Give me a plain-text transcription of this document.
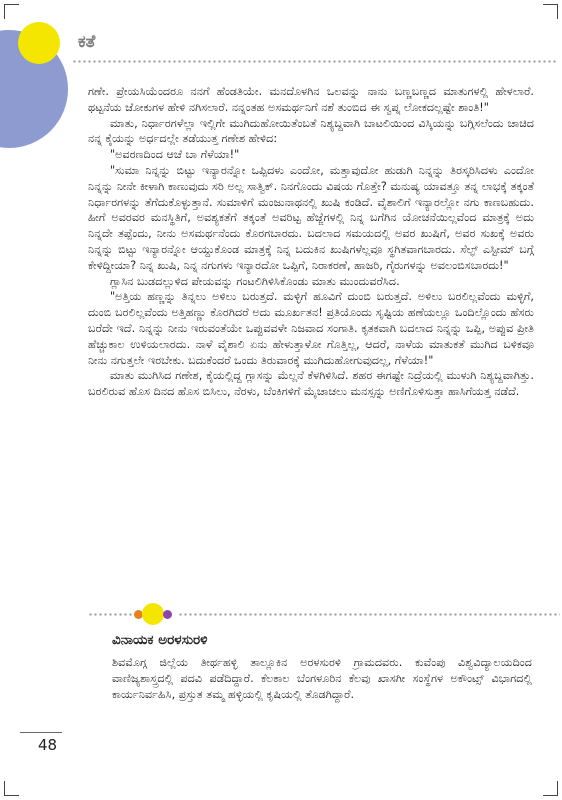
ಕತೆ

ಗಣೇ. ಪ್ರೇಯಸಿಯೆಂದರೂ ನನಗೆ ಹೆಂಡತಿಯೇ. ಮನದೊಳಗಿನ ಒಲವನ್ನು ನಾನು ಬಣ್ಣಬಣ್ಣದ ಮಾತುಗಳಲ್ಲಿ ಹೇಳಲಾರೆ. ಥಟ್ಟನೆಯ ಜೋಕುಗಳ ಹೇಳಿ ನಗಿಸಲಾರೆ. ನನ್ನಂತಹ ಅಸಮರ್ಥನಿಗೆ ನಶೆ ತುಂಬಿದ ಈ ಸ್ವಪ್ನ ಲೋಕದಲ್ಲಷ್ಟೇ ಶಾಂತಿ!"

ಮಾತು, ನಿರ್ಧಾರಗಳೆಲ್ಲಾ ಇಲ್ಲಿಗೇ ಮುಗಿದುಹೋಯಿತೆಂಬತೆ ನಿಶ್ಯಬ್ದವಾಗಿ ಬಾಟಲಿಯಿಂದ ವಿಸ್ಕಿಯನ್ನು ಬಗ್ಗಿಸಲೆಂದು ಚಾಚಿದ ನನ್ನ ಕೈಯನ್ನು ಅರ್ಧದಲ್ಲೇ ತಡೆಯುತ್ತ ಗಣೇಶ ಹೇಳಿದ:

"ಅವರಣದಿಂದ ಆಚೆ ಬಾ ಗೆಳೆಯಾ!"

"ಸುಮಾ ನಿನ್ನನ್ನು ಬಿಟ್ಟು ಇನ್ಯಾರನ್ನೋ ಒಪ್ಪಿದಳು ಎಂದೋ, ಮತ್ತಾವುದೋ ಹುಡುಗಿ ನಿನ್ನನ್ನು ತಿರಸ್ಕರಿಸಿದಳು ಎಂದೋ ನಿನ್ನನ್ನು ನೀನೇ ಕೀಳಾಗಿ ಕಾಣುವುದು ಸರಿ ಅಲ್ಲ ಸಾತ್ವಿಕ್. ನಿನಗೊಂದು ವಿಷಯ ಗೊತ್ತೇ? ಮನುಷ್ಯ ಯಾವತ್ತೂ ತನ್ನ ಲಾಭಕ್ಕೆ ತಕ್ಕಂತೆ ನಿರ್ಧಾರಗಳನ್ನು ತೆಗೆದುಕೊಳ್ಳುತ್ತಾನೆ. ಸುಮಾಳಿಗೆ ಮಂಜುನಾಥನಲ್ಲಿ ಖುಷಿ ಕಂಡಿದೆ. ವೈಶಾಲಿಗೆ ಇನ್ಯಾರಲ್ಲೋ ನಗು ಕಾಣಬಹುದು. ಹೀಗೆ ಅವರವರ ಮನಸ್ಥಿತಿಗೆ, ಅವಶ್ಯಕತೆಗೆ ತಕ್ಕಂತೆ ಅವರಿಟ್ಟ ಹೆಜ್ಜೆಗಳಲ್ಲಿ ನಿನ್ನ ಬಗೆಗಿನ ಯೋಚನೆಯಿಲ್ಲವೆಂದ ಮಾತ್ರಕ್ಕೆ ಅದು ನಿನ್ನದೇ ತಪ್ಪೆಂದು, ನೀನು ಅಸಮರ್ಥನೆಂದು ಕೊರಗಬಾರದು. ಬದಲಾದ ಸಮಯದಲ್ಲಿ ಅವರ ಖುಷಿಗೆ, ಅವರ ಸುಖಕ್ಕೆ ಅವರು ನಿನ್ನನ್ನು ಬಿಟ್ಟು ಇನ್ಯಾರನ್ನೋ ಆಯ್ದುಕೊಂಡ ಮಾತ್ರಕ್ಕೆ ನಿನ್ನ ಬದುಕಿನ ಖುಷಿಗಳೆಲ್ಲವೂ ಸ್ಥಗಿತವಾಗಬಾರದು. ಸೆಲ್ಫ್ ಎಸ್ಟೀಮ್ ಬಗ್ಗೆ ಕೇಳಿದ್ದೀಯಾ? ನಿನ್ನ ಖುಷಿ, ನಿನ್ನ ನಗುಗಳು ಇನ್ಯಾರದೋ ಒಪ್ಪಿಗೆ, ನಿರಾಕರಣೆ, ಹಾಜರಿ, ಗೈರುಗಳನ್ನು ಅವಲಂಬಿಸಬಾರದು!"

ಗ್ಲಾಸಿನ ಬುಡದಲ್ಲುಳಿದ ಪೇಯವನ್ನು ಗಂಟಲಿಗಿಳಿಸಿಕೊಂಡು ಮಾತು ಮುಂದುವರೆಸಿದ.

"ಅತ್ತಿಯ ಹಣ್ಣನ್ನು ತಿನ್ನಲು ಅಳಿಲು ಬರುತ್ತದೆ. ಮಳ್ಳಿಗೆ ಹೂವಿಗೆ ದುಂಬಿ ಬರುತ್ತದೆ. ಅಳಿಲು ಬರಲಿಲ್ಲವೆಂದು ಮಳ್ಳಿಗೆ, ದುಂಬಿ ಬರಲಿಲ್ಲವೆಂದು ಅತ್ತಿಹಣ್ಣು ಕೊರಗಿದರೆ ಅದು ಮೂರ್ಖತನ! ಪ್ರತಿಯೊಂದು ಸೃಷ್ಟಿಯ ಹಣೆಯಲ್ಲೂ ಒಂದಿಲ್ಲೊಂದು ಹೆಸರು ಬರೆದೇ ಇದೆ. ನಿನ್ನನ್ನು ನೀನು ಇರುವಂತೆಯೇ ಒಪ್ಪುವವಳೇ ನಿಜವಾದ ಸಂಗಾತಿ. ಕೃತಕವಾಗಿ ಬದಲಾದ ನಿನ್ನನ್ನು ಒಪ್ಪಿ, ಅಪ್ಪುವ ಪ್ರೀತಿ ಹೆಚ್ಚುಕಾಲ ಉಳಿಯಲಾರದು. ನಾಳೆ ವೈಶಾಲಿ ಏನು ಹೇಳುತ್ತಾಳೋ ಗೊತ್ತಿಲ್ಲ, ಆದರೆ, ನಾಳೆಯ ಮಾತುಕತೆ ಮುಗಿದ ಬಳಿಕವೂ ನೀನು ನಗುತ್ತಲೇ ಇರಬೇಕು. ಬದುಕೆಂದರೆ ಒಂದು ತಿರುವಾರಕ್ಕೆ ಮುಗಿದುಹೋಗುವುದಲ್ಲ, ಗೆಳೆಯಾ!"

ಮಾತು ಮುಗಿಸಿದ ಗಣೇಶ, ಕೈಯಲ್ಲಿದ್ದ ಗ್ಲಾಸನ್ನು ಮೆಲ್ಲನೆ ಕೆಳಗಿಳಿಸಿದೆ. ಶಹರ ಈಗಷ್ಟೇ ನಿದ್ರೆಯಲ್ಲಿ ಮುಳುಗಿ ನಿಶ್ಯಬ್ದವಾಗಿತ್ತು. ಬರಲಿರುವ ಹೊಸ ದಿನದ ಹೊಸ ಬಿಸಿಲು, ನೆರಳು, ಬೆಂಕಿಗಳಿಗೆ ಮೈಚಾಚಲು ಮನಸ್ಸನ್ನು ಅಣಿಗೊಳಿಸುತ್ತಾ ಹಾಸಿಗೆಯತ್ತ ನಡೆದೆ.

ವಿನಾಯಕ ಅರಳಸುರಳಿ
ಶಿವಮೊಗ್ಗ ಜಿಲ್ಲೆಯ ತೀರ್ಥಹಳ್ಳಿ ತಾಲ್ಲೂಕಿನ ಅರಳಸುರಳಿ ಗ್ರಾಮದವರು. ಕುವೆಂಪು ವಿಶ್ವವಿದ್ಯಾಲಯದಿಂದ ವಾಣಿಜ್ಯಶಾಸ್ತ್ರದಲ್ಲಿ ಪದವಿ ಪಡೆದಿದ್ದಾರೆ. ಕೆಲಕಾಲ ಬೆಂಗಳೂರಿನ ಕೆಲವು ಖಾಸಗೀ ಸಂಸ್ಥೆಗಳ ಅಕೌಂಟ್ಸ್ ವಿಭಾಗದಲ್ಲಿ ಕಾರ್ಯನಿರ್ವಹಿಸಿ, ಪ್ರಸ್ತುತ ತಮ್ಮ ಹಳ್ಳಿಯಲ್ಲಿ ಕೃಷಿಯಲ್ಲಿ ತೊಡಗಿದ್ದಾರೆ.
48
